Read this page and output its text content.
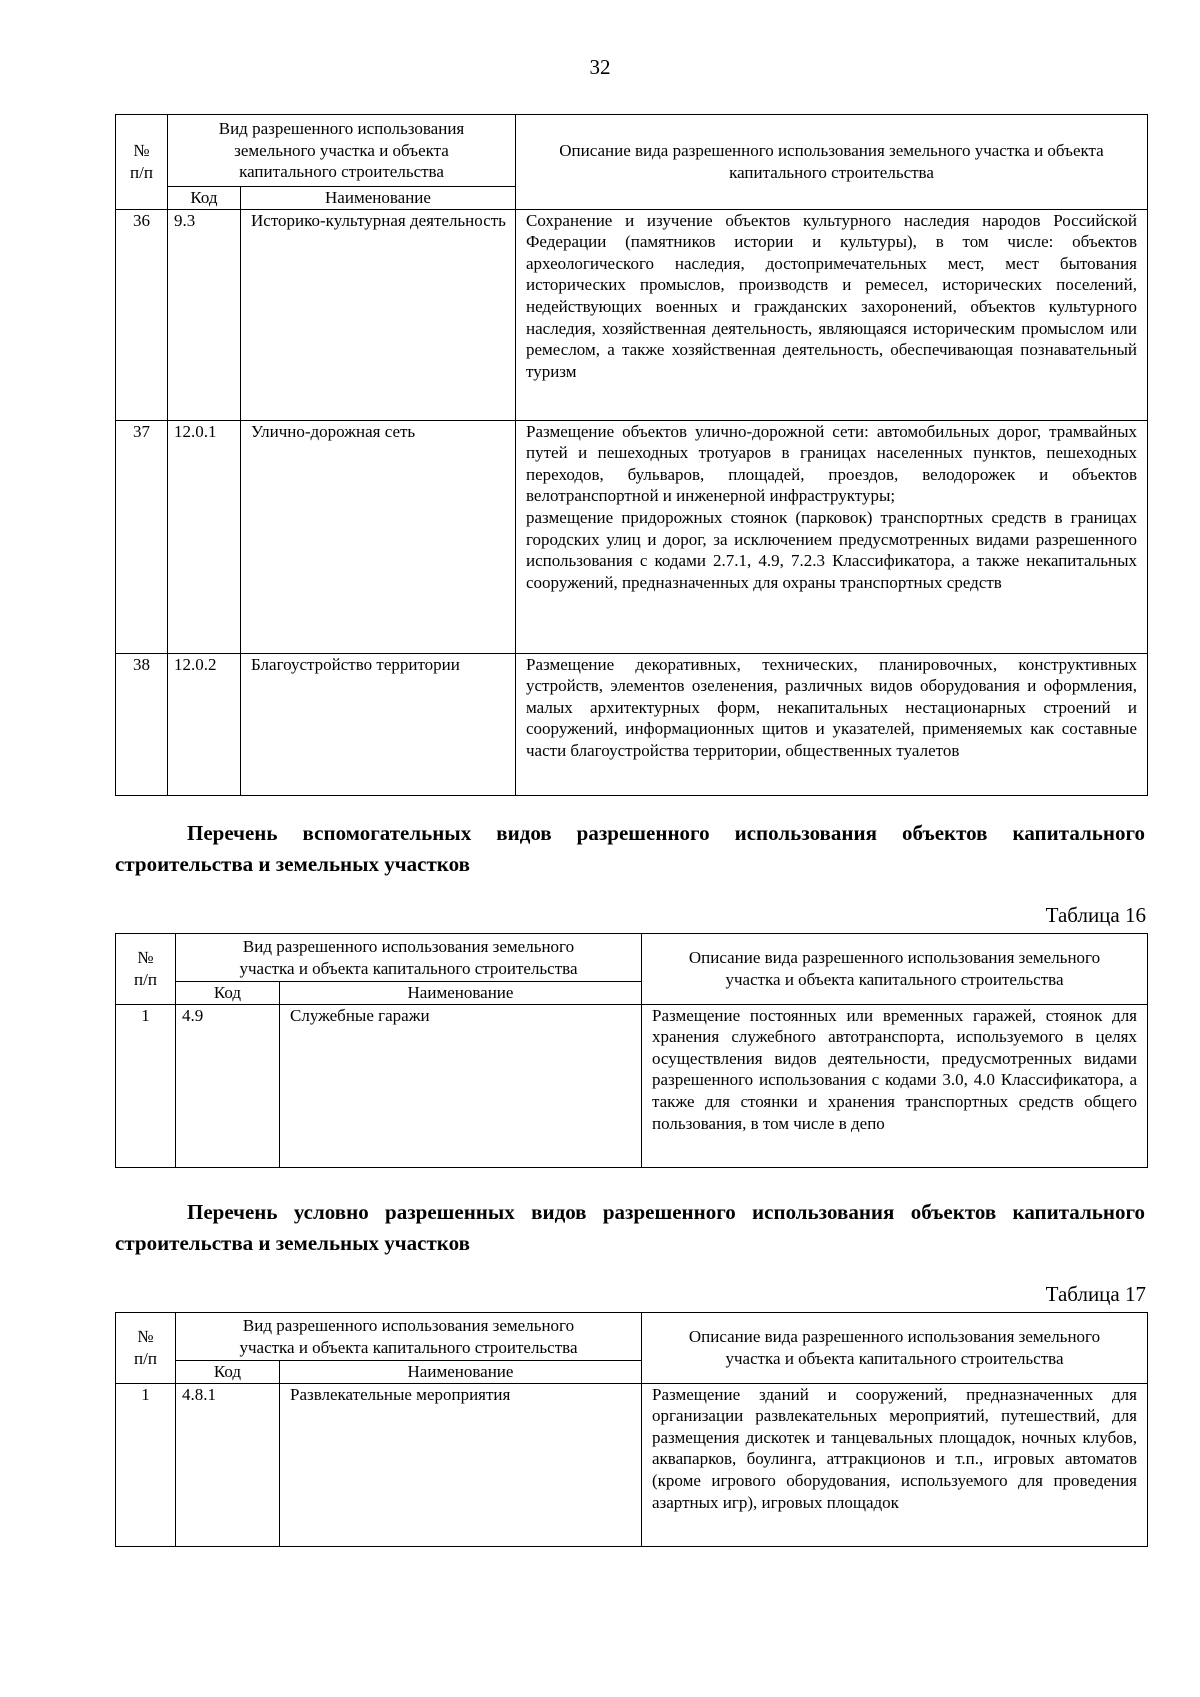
32
№
п/п	Вид разрешенного использования земельного участка и объекта капитального строительства		Описание вида разрешенного использования земельного участка и объекта капитального строительства
	Код	Наименование	
36	9.3	Историко-культурная деятельность	Сохранение и изучение объектов культурного наследия народов Российской Федерации (памятников истории и культуры), в том числе: объектов археологического наследия, достопримечательных мест, мест бытования исторических промыслов, производств и ремесел, исторических поселений, недействующих военных и гражданских захоронений, объектов культурного наследия, хозяйственная деятельность, являющаяся историческим промыслом или ремеслом, а также хозяйственная деятельность, обеспечивающая познавательный туризм
37	12.0.1	Улично-дорожная сеть	Размещение объектов улично-дорожной сети: автомобильных дорог, трамвайных путей и пешеходных тротуаров в границах населенных пунктов, пешеходных переходов, бульваров, площадей, проездов, велодорожек и объектов велотранспортной и инженерной инфраструктуры;
размещение придорожных стоянок (парковок) транспортных средств в границах городских улиц и дорог, за исключением предусмотренных видами разрешенного использования с кодами 2.7.1, 4.9, 7.2.3 Классификатора, а также некапитальных сооружений, предназначенных для охраны транспортных средств

38	12.0.2	Благоустройство территории	Размещение декоративных, технических, планировочных, конструктивных устройств, элементов озеленения, различных видов оборудования и оформления, малых архитектурных форм, некапитальных нестационарных строений и сооружений, информационных щитов и указателей, применяемых как составные части благоустройства территории, общественных туалетов
Перечень вспомогательных видов разрешенного использования объектов капитального строительства и земельных участков
Таблица 16
№
п/п	Вид разрешенного использования земельного участка и объекта капитального строительства		Описание вида разрешенного использования земельного участка и объекта капитального строительства
	Код	Наименование	
1	4.9	Служебные гаражи	Размещение постоянных или временных гаражей, стоянок для хранения служебного автотранспорта, используемого в целях осуществления видов деятельности, предусмотренных видами разрешенного использования с кодами 3.0, 4.0 Классификатора, а также для стоянки и хранения транспортных средств общего пользования, в том числе в депо
Перечень условно разрешенных видов разрешенного использования объектов капитального строительства и земельных участков
Таблица 17
№
п/п	Вид разрешенного использования земельного участка и объекта капитального строительства		Описание вида разрешенного использования земельного участка и объекта капитального строительства
	Код	Наименование	
1	4.8.1	Развлекательные мероприятия	Размещение зданий и сооружений, предназначенных для организации развлекательных мероприятий, путешествий, для размещения дискотек и танцевальных площадок, ночных клубов, аквапарков, боулинга, аттракционов и т.п., игровых автоматов (кроме игрового оборудования, используемого для проведения азартных игр), игровых площадок
